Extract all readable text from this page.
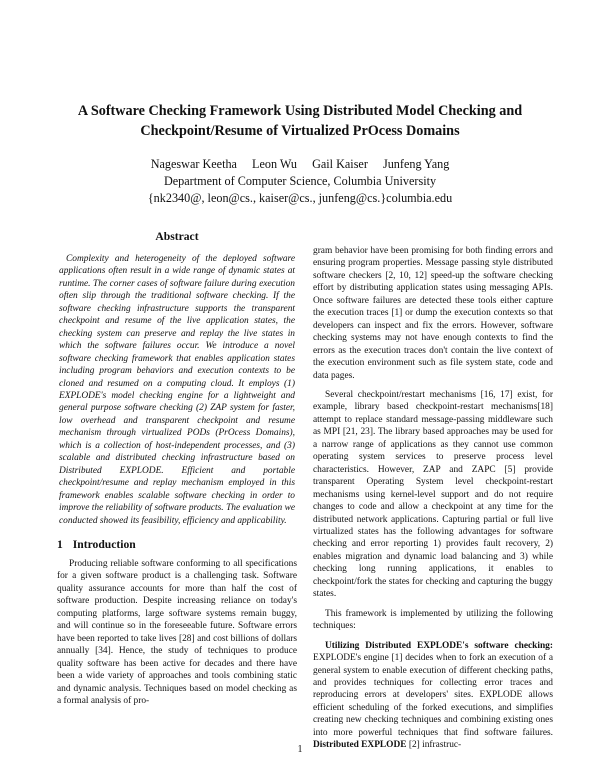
A Software Checking Framework Using Distributed Model Checking and
Checkpoint/Resume of Virtualized PrOcess Domains
Nageswar Keetha Leon Wu Gail Kaiser Junfeng Yang
Department of Computer Science, Columbia University
{nk2340@, leon@cs., kaiser@cs., junfeng@cs.}columbia.edu
Abstract

Complexity and heterogeneity of the deployed software applications often result in a wide range of dynamic states at runtime. The corner cases of software failure during execution often slip through the traditional software checking. If the software checking infrastructure supports the transparent checkpoint and resume of the live application states, the checking system can preserve and replay the live states in which the software failures occur. We introduce a novel software checking framework that enables application states including program behaviors and execution contexts to be cloned and resumed on a computing cloud. It employs (1) EXPLODE's model checking engine for a lightweight and general purpose software checking (2) ZAP system for faster, low overhead and transparent checkpoint and resume mechanism through virtualized PODs (PrOcess Domains), which is a collection of host-independent processes, and (3) scalable and distributed checking infrastructure based on Distributed EXPLODE. Efficient and portable checkpoint/resume and replay mechanism employed in this framework enables scalable software checking in order to improve the reliability of software products. The evaluation we conducted showed its feasibility, efficiency and applicability.

1 Introduction

Producing reliable software conforming to all specifications for a given software product is a challenging task. Software quality assurance accounts for more than half the cost of software production. Despite increasing reliance on today's computing platforms, large software systems remain buggy, and will continue so in the foreseeable future. Software errors have been reported to take lives [28] and cost billions of dollars annually [34]. Hence, the study of techniques to produce quality software has been active for decades and there have been a wide variety of approaches and tools combining static and dynamic analysis. Techniques based on model checking as a formal analysis of pro-

gram behavior have been promising for both finding errors and ensuring program properties. Message passing style distributed software checkers [2, 10, 12] speed-up the software checking effort by distributing application states using messaging APIs. Once software failures are detected these tools either capture the execution traces [1] or dump the execution contexts so that developers can inspect and fix the errors. However, software checking systems may not have enough contexts to find the errors as the execution traces don't contain the live context of the execution environment such as file system state, code and data pages.

Several checkpoint/restart mechanisms [16, 17] exist, for example, library based checkpoint-restart mechanisms[18] attempt to replace standard message-passing middleware such as MPI [21, 23]. The library based approaches may be used for a narrow range of applications as they cannot use common operating system services to preserve process level characteristics. However, ZAP and ZAPC [5] provide transparent Operating System level checkpoint-restart mechanisms using kernel-level support and do not require changes to code and allow a checkpoint at any time for the distributed network applications. Capturing partial or full live virtualized states has the following advantages for software checking and error reporting 1) provides fault recovery, 2) enables migration and dynamic load balancing and 3) while checking long running applications, it enables to checkpoint/fork the states for checking and capturing the buggy states.

This framework is implemented by utilizing the following techniques:

Utilizing Distributed EXPLODE's software checking: EXPLODE's engine [1] decides when to fork an execution of a general system to enable execution of different checking paths, and provides techniques for collecting error traces and reproducing errors at developers' sites. EXPLODE allows efficient scheduling of the forked executions, and simplifies creating new checking techniques and combining existing ones into more powerful techniques that find software failures. Distributed EXPLODE [2] infrastruc-

1
